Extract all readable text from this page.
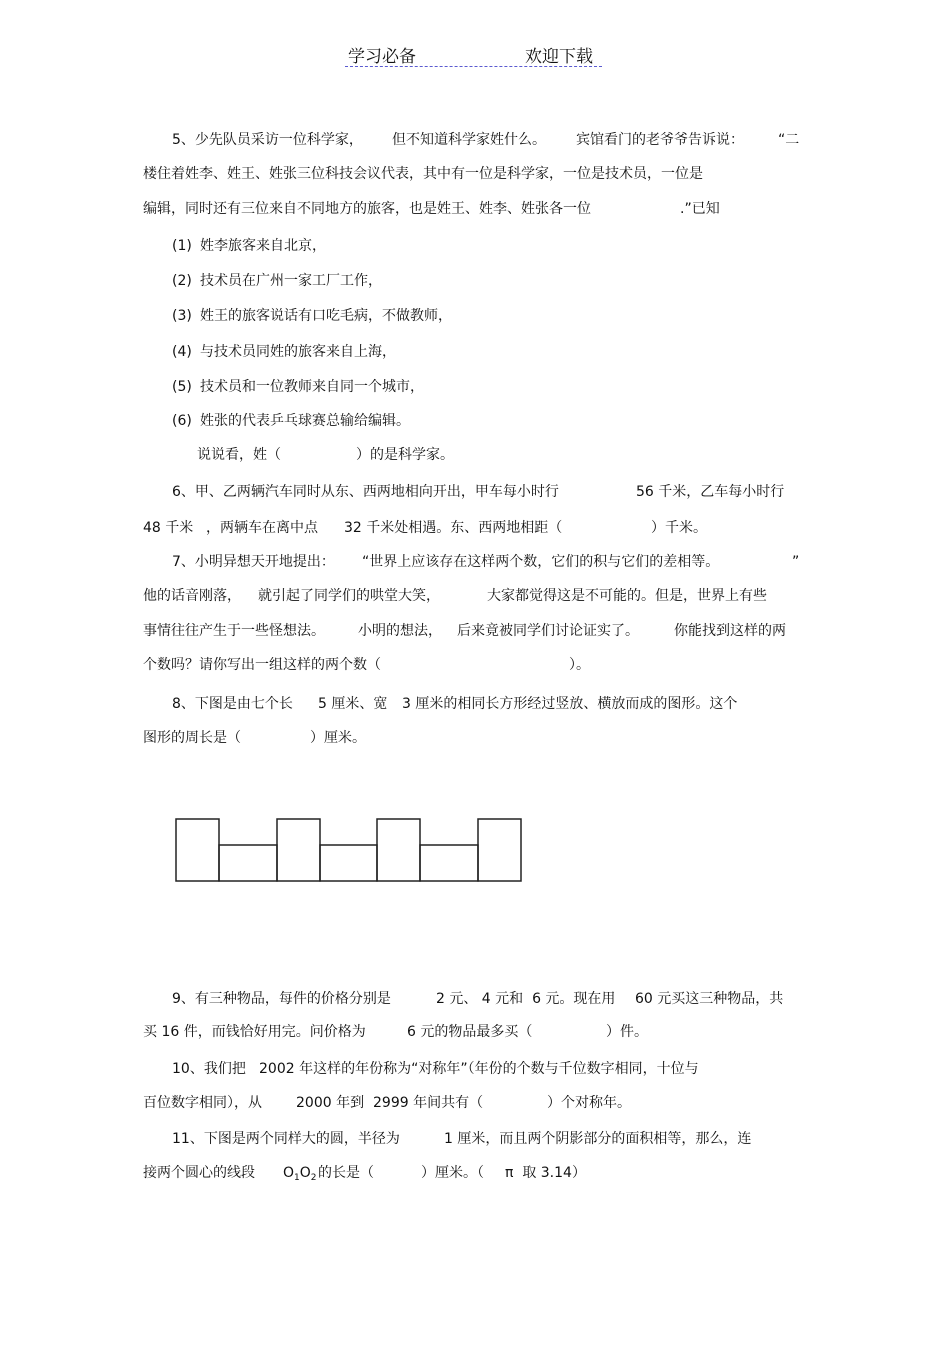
学习必备	欢迎下载
5、少先队员采访一位科学家， 但不知道科学家姓什么。 宾馆看门的老爷爷告诉说： “二
楼住着姓李、姓王、姓张三位科技会议代表，其中有一位是科学家，一位是技术员，一位是
编辑，同时还有三位来自不同地方的旅客，也是姓王、姓李、姓张各一位	.”已知
(1) 姓李旅客来自北京，
(2) 技术员在广州一家工厂工作，
(3) 姓王的旅客说话有口吃毛病，不做教师，
(4) 与技术员同姓的旅客来自上海，
(5) 技术员和一位教师来自同一个城市，
(6) 姓张的代表乒乓球赛总输给编辑。
说说看，姓（	）的是科学家。
6、甲、乙两辆汽车同时从东、西两地相向开出，甲车每小时行	56 千米，乙车每小时行
48 千米 ，两辆车在离中点 32 千米处相遇。东、西两地相距（	）千米。
7、小明异想天开地提出： “世界上应该存在这样两个数，它们的积与它们的差相等。	”
他的话音刚落， 就引起了同学们的哄堂大笑，	大家都觉得这是不可能的。但是，世界上有些
事情往往产生于一些怪想法。 小明的想法， 后来竟被同学们讨论证实了。	你能找到这样的两
个数吗？请你写出一组这样的两个数（	）。
8、下图是由七个长 5 厘米、宽 3 厘米的相同长方形经过竖放、横放而成的图形。这个
图形的周长是（	）厘米。
9、有三种物品，每件的价格分别是	2 元、 4 元和  6 元。现在用 60 元买这三种物品，共
买 16 件，而钱恰好用完。问价格为	6 元的物品最多买（	）件。
10、我们把 2002 年这样的年份称为“对称年”（年份的个数与千位数字相同，十位与
百位数字相同），从 2000 年到 2999 年间共有（	）个对称年。
11、下图是两个同样大的圆，半径为	1 厘米，而且两个阴影部分的面积相等，那么，连
接两个圆心的线段 $O_1O_2$ 的长是（	）厘米。（ π  取 3.14）
